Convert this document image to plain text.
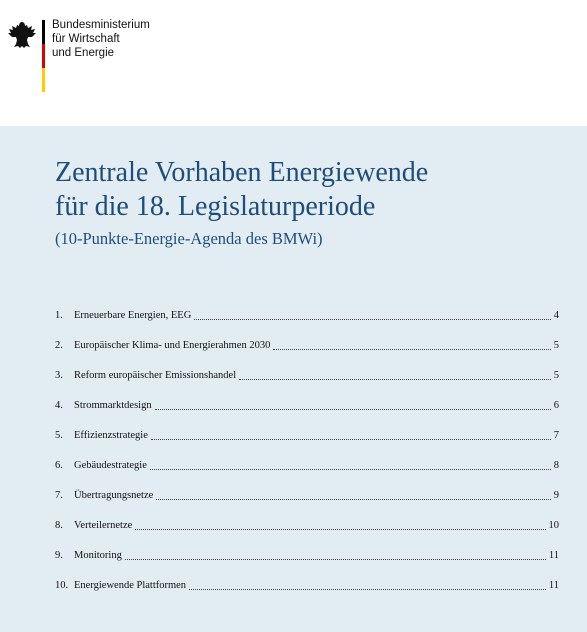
Bundesministerium
für Wirtschaft
und Energie
Zentrale Vorhaben Energiewende
für die 18. Legislaturperiode
(10-Punkte-Energie-Agenda des BMWi)
1.	Erneuerbare Energien, EEG	4
2.	Europäischer Klima- und Energierahmen 2030	5
3.	Reform europäischer Emissionshandel	5
4.	Strommarktdesign	6
5.	Effizienzstrategie	7
6.	Gebäudestrategie	8
7.	Übertragungsnetze	9
8.	Verteilernetze	10
9.	Monitoring	11
10. Energiewende Plattformen	11
